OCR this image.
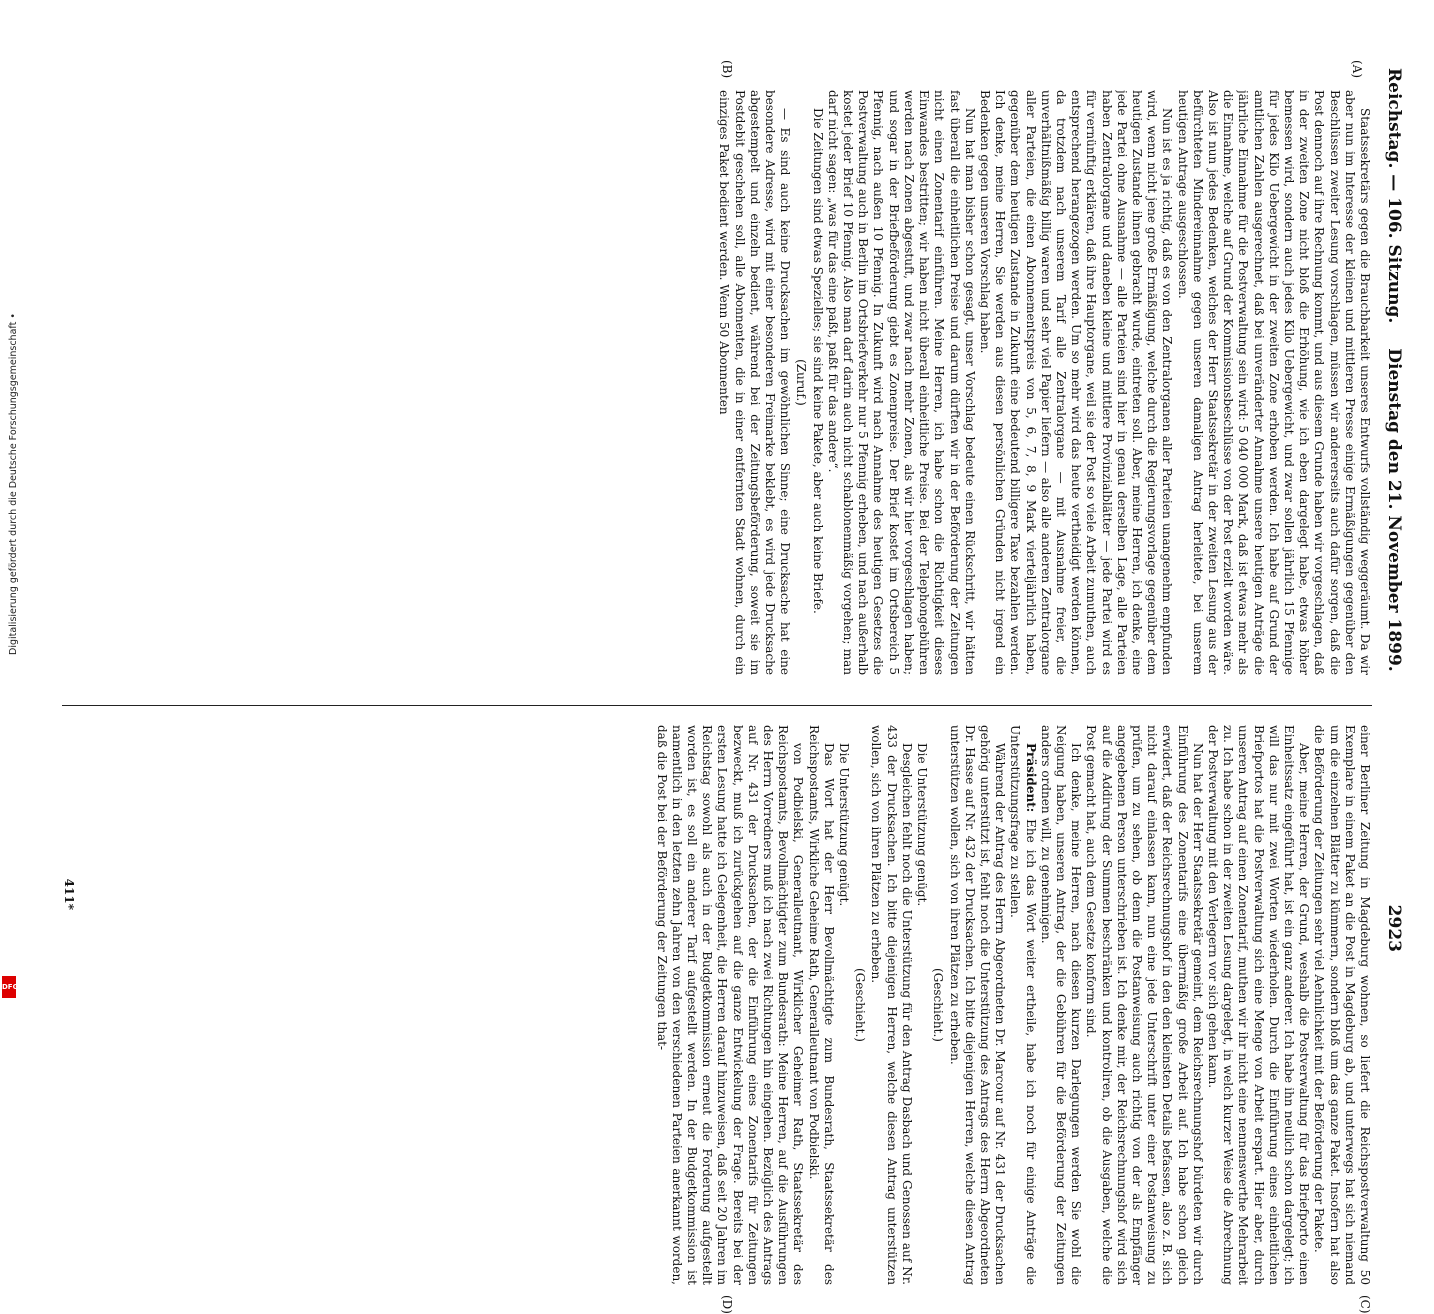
Reichstag. — 106. Sitzung.
Dienstag den 21. November 1899.
2923
(A)
(B)
(C)
(D)

Staatssekretärs gegen die Brauchbarkeit unseres Entwurfs vollständig weggeräumt. Da wir aber nun im Interesse der kleinen und mittleren Presse einige Ermäßigungen gegenüber den Beschlüssen zweiter Lesung vorschlagen, müssen wir andererseits auch dafür sorgen, daß die Post dennoch auf ihre Rechnung kommt, und aus diesem Grunde haben wir vorgeschlagen, daß in der zweiten Zone nicht bloß die Erhöhung, wie ich eben dargelegt habe, etwas höher bemessen wird, sondern auch jedes Kilo Uebergewicht, und zwar sollen jährlich 15 Pfennige für jedes Kilo Uebergewicht in der zweiten Zone erhoben werden. Ich habe auf Grund der amtlichen Zahlen ausgerechnet, daß bei unveränderter Annahme unsere heutigen Anträge die jährliche Einnahme für die Postverwaltung sein wird: 5 040 000 Mark, daß ist etwas mehr als die Einnahme, welche auf Grund der Kommissionsbeschlüsse von der Post erzielt worden wäre. Also ist nun jedes Bedenken, welches der Herr Staatssekretär in der zweiten Lesung aus der befürchteten Mindereinnahme gegen unseren damaligen Antrag herleitete, bei unserem heutigen Antrage ausgeschlossen.

Nun ist es ja richtig, daß es von den Zentralorganen aller Parteien unangenehm empfunden wird, wenn nicht jene große Ermäßigung, welche durch die Regierungsvorlage gegenüber dem heutigen Zustande ihnen gebracht wurde, eintreten soll. Aber, meine Herren, ich denke, eine jede Partei ohne Ausnahme — alle Parteien sind hier in genau derselben Lage, alle Parteien haben Zentralorgane und daneben kleine und mittlere Provinzialblätter — jede Partei wird es für vernünftig erklären, daß ihre Hauptorgane, weil sie der Post so viele Arbeit zumuthen, auch entsprechend herangezogen werden. Um so mehr wird das heute vertheidigt werden können, da trotzdem nach unserem Tarif alle Zentralorgane — mit Ausnahme freier, die unverhältnißmäßig billig waren und sehr viel Papier liefern — also alle anderen Zentralorgane aller Parteien, die einen Abonnementspreis von 5, 6, 7, 8, 9 Mark vierteljährlich haben, gegenüber dem heutigen Zustande in Zukunft eine bedeutend billigere Taxe bezahlen werden. Ich denke, meine Herren, Sie werden aus diesen persönlichen Gründen nicht irgend ein Bedenken gegen unseren Vorschlag haben.

Nun hat man bisher schon gesagt, unser Vorschlag bedeute einen Rückschritt, wir hätten fast überall die einheitlichen Preise und darum dürften wir in der Beförderung der Zeitungen nicht einen Zonentarif einführen. Meine Herren, ich habe schon die Richtigkeit dieses Einwandes bestritten; wir haben nicht überall einheitliche Preise. Bei der Telephongebühren werden nach Zonen abgestuft, und zwar nach mehr Zonen, als wir hier vorgeschlagen haben; und sogar in der Briefbeförderung giebt es Zonenpreise. Der Brief kostet im Ortsbereich 5 Pfennig, nach außen 10 Pfennig. In Zukunft wird nach Annahme des heutigen Gesetzes die Postverwaltung auch in Berlin im Ortsbriefverkehr nur 5 Pfennig erheben, und nach außerhalb kostet jeder Brief 10 Pfennig. Also man darf darin auch nicht schablonenmäßig vorgehen; man darf nicht sagen: „was für das eine paßt, paßt für das andere“.

Die Zeitungen sind etwas Spezielles; sie sind keine Pakete, aber auch keine Briefe.

(Zuruf.)

— Es sind auch keine Drucksachen im gewöhnlichen Sinne; eine Drucksache hat eine besondere Adresse, wird mit einer besonderen Freimarke beklebt, es wird jede Drucksache abgestempelt und einzeln bedient, während bei der Zeitungsbeförderung, soweit sie im Postdebit geschehen soll, alle Abonnenten, die in einer entfernten Stadt wohnen, durch ein einziges Paket bedient werden. Wenn 50 Abonnenten

einer Berliner Zeitung in Magdeburg wohnen, so liefert die Reichspostverwaltung 50 Exemplare in einem Paket an die Post in Magdeburg ab, und unterwegs hat sich niemand um die einzelnen Blätter zu kümmern, sondern bloß um das ganze Paket. Insofern hat also die Beförderung der Zeitungen sehr viel Aehnlichkeit mit der Beförderung der Pakete.

Aber, meine Herren, der Grund, weshalb die Postverwaltung für das Briefporto einen Einheitssatz eingeführt hat, ist ein ganz anderer. Ich habe ihn neulich schon dargelegt; ich will das nur mit zwei Worten wiederholen. Durch die Einführung eines einheitlichen Briefportos hat die Postverwaltung sich eine Menge von Arbeit erspart. Hier aber, durch unseren Antrag auf einen Zonentarif, muthen wir ihr nicht eine nennenswerthe Mehrarbeit zu. Ich habe schon in der zweiten Lesung dargelegt, in welch kurzer Weise die Abrechnung der Postverwaltung mit den Verlegern vor sich gehen kann.

Nun hat der Herr Staatssekretär gemeint, dem Reichsrechnungshof bürdeten wir durch Einführung des Zonentarifs eine übermäßig große Arbeit auf. Ich habe schon gleich erwidert, daß der Reichsrechnungshof in den den kleinsten Details befassen, also z. B. sich nicht darauf einlassen kann, nun eine jede Unterschrift unter einer Postanweisung zu prüfen, um zu sehen, ob denn die Postanweisung auch richtig von der als Empfänger angegebenen Person unterschrieben ist. Ich denke mir, der Reichsrechnungshof wird sich auf die Addirung der Summen beschränken und kontroliren, ob die Ausgaben, welche die Post gemacht hat, auch dem Gesetze konform sind.

Ich denke, meine Herren, nach diesen kurzen Darlegungen werden Sie wohl die Neigung haben, unseren Antrag, der die Gebühren für die Beförderung der Zeitungen anders ordnen will, zu genehmigen.

Präsident: Ehe ich das Wort weiter ertheile, habe ich noch für einige Anträge die Unterstützungsfrage zu stellen.

Während der Antrag des Herrn Abgeordneten Dr. Marcour auf Nr. 431 der Drucksachen gehörig unterstützt ist, fehlt noch die Unterstützung des Antrags des Herrn Abgeordneten Dr. Hasse auf Nr. 432 der Drucksachen. Ich bitte diejenigen Herren, welche diesen Antrag unterstützen wollen, sich von ihren Plätzen zu erheben.

(Geschieht.)

Die Unterstützung genügt.

Desgleichen fehlt noch die Unterstützung für den Antrag Dasbach und Genossen auf Nr. 433 der Drucksachen. Ich bitte diejenigen Herren, welche diesen Antrag unterstützen wollen, sich von ihren Plätzen zu erheben.

(Geschieht.)

Die Unterstützung genügt.

Das Wort hat der Herr Bevollmächtigte zum Bundesrath, Staatssekretär des Reichspostamts, Wirkliche Geheime Rath, Generalleutnant von Podbielski.

von Podbielski, Generalleutnant, Wirklicher Geheimer Rath, Staatssekretär des Reichspostamts, Bevollmächtigter zum Bundesrath: Meine Herren, auf die Ausführungen des Herrn Vorredners muß ich nach zwei Richtungen hin eingehen. Bezüglich des Antrags auf Nr. 431 der Drucksachen, der die Einführung eines Zonentarifs für Zeitungen bezweckt, muß ich zurückgehen auf die ganze Entwickelung der Frage. Bereits bei der ersten Lesung hatte ich Gelegenheit, die Herren darauf hinzuweisen, daß seit 20 Jahren im Reichstag sowohl als auch in der Budgetkommission erneut die Forderung aufgestellt worden ist, es soll ein anderer Tarif aufgestellt werden. In der Budgetkommission ist namentlich in den letzten zehn Jahren von den verschiedenen Parteien anerkannt worden, daß die Post bei der Beförderung der Zeitungen that-

411*
Digitalisierung gefördert durch die Deutsche Forschungsgemeinschaft •
DFG
